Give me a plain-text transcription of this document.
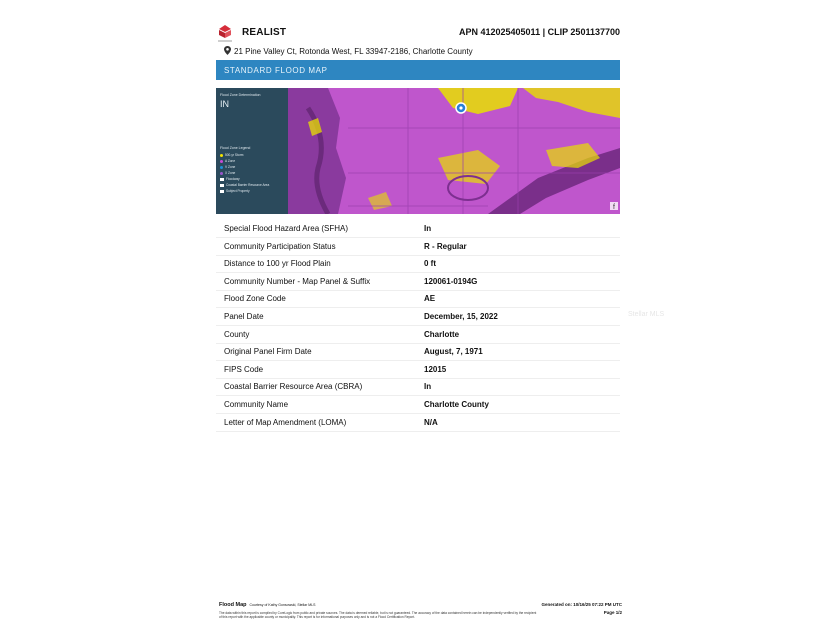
REALIST	APN 412025405011 | CLIP 2501137700
21 Pine Valley Ct, Rotonda West, FL 33947-2186, Charlotte County
STANDARD FLOOD MAP
Flood Zone Determination
IN
Flood Zone Legend
500-yr Storm
A Zone
V Zone
X Zone
Floodway
Coastal Barrier Resource Area
Subject Property
f
Special Flood Hazard Area (SFHA)	In
Community Participation Status	R - Regular
Distance to 100 yr Flood Plain	0 ft
Community Number - Map Panel & Suffix	120061-0194G
Flood Zone Code	AE
Panel Date	December, 15, 2022
County	Charlotte
Original Panel Firm Date	August, 7, 1971
FIPS Code	12015
Coastal Barrier Resource Area (CBRA)	In
Community Name	Charlotte County
Letter of Map Amendment (LOMA)	N/A
Stellar MLS
Flood Map Courtesy of Kathy Gonsowski, Stellar MLS
The data within this report is compiled by CoreLogic from public and private sources. The data is deemed reliable, but is not guaranteed. The accuracy of the data contained herein can be independently verified by the recipient of this report with the applicable county or municipality. This report is for informational purposes only and is not a Flood Certification Report.
Generated on: 10/16/25 07:22 PM UTC
Page 1/2
